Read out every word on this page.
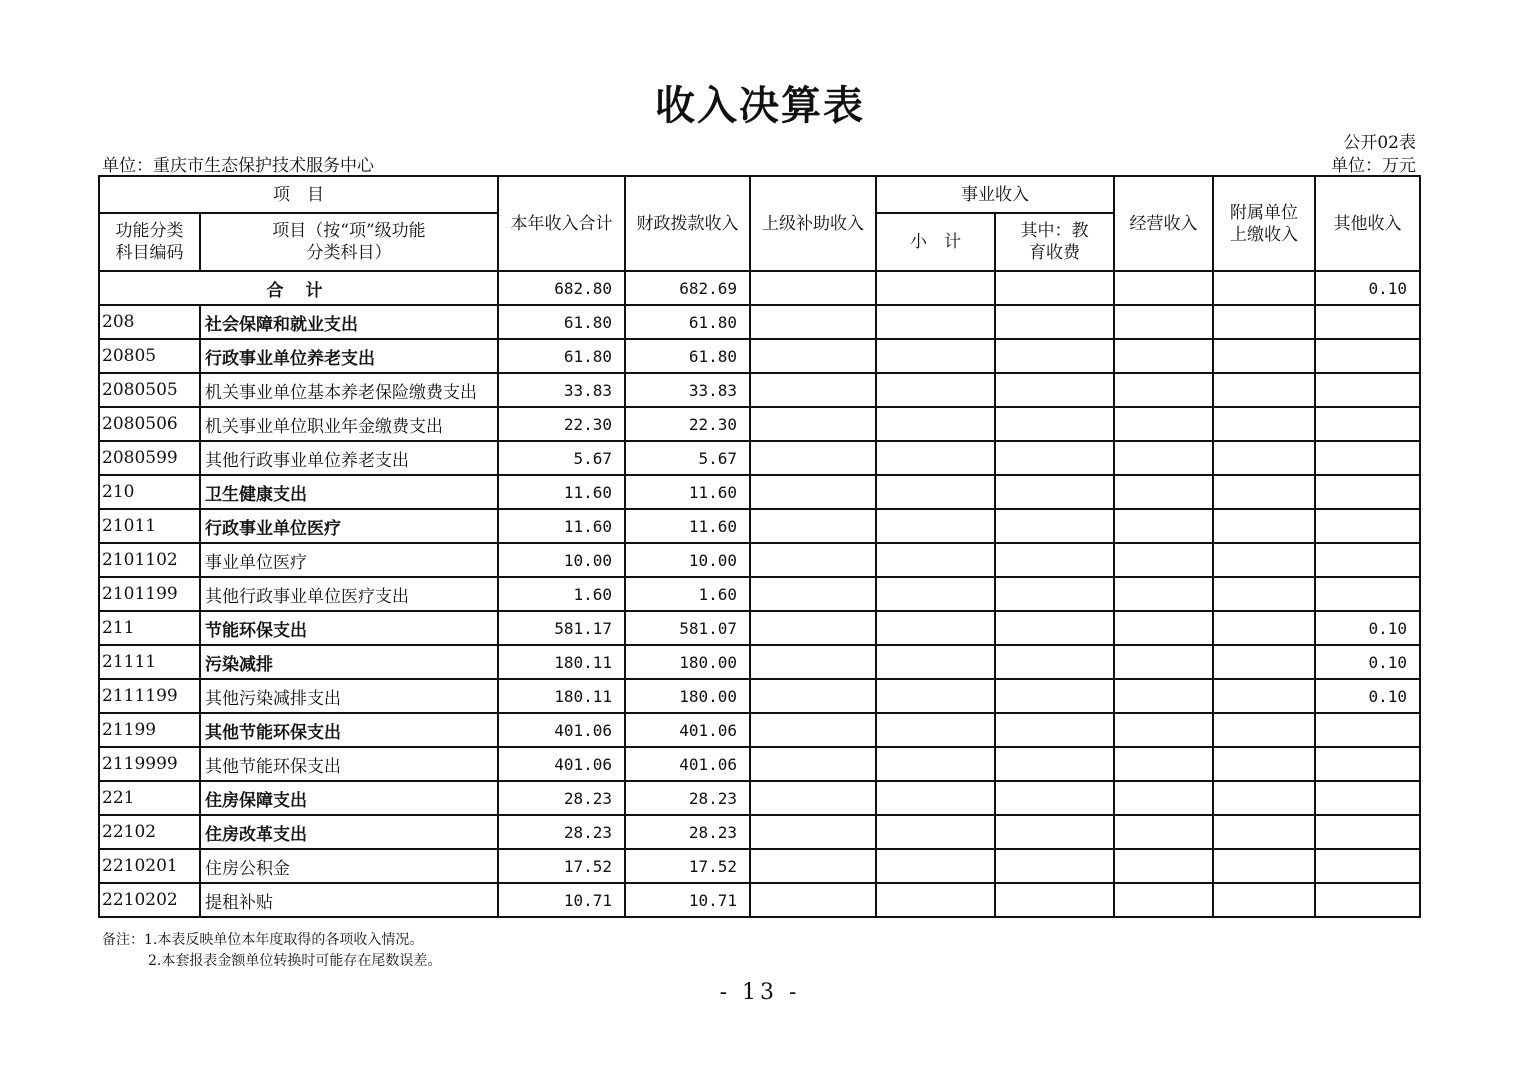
收入决算表
公开02表
单位：重庆市生态保护技术服务中心	单位：万元
项　目		本年收入合计	财政拨款收入	上级补助收入	事业收入		经营收入	附属单位上缴收入	其他收入
功能分类科目编码	项目（按“项”级功能分类科目）				小　计	其中：教育收费			
合 计		682.80	682.69						0.10
208	社会保障和就业支出	61.80	61.80						
20805	行政事业单位养老支出	61.80	61.80						
2080505	机关事业单位基本养老保险缴费支出	33.83	33.83						
2080506	机关事业单位职业年金缴费支出	22.30	22.30						
2080599	其他行政事业单位养老支出	5.67	5.67						
210	卫生健康支出	11.60	11.60						
21011	行政事业单位医疗	11.60	11.60						
2101102	事业单位医疗	10.00	10.00						
2101199	其他行政事业单位医疗支出	1.60	1.60						
211	节能环保支出	581.17	581.07						0.10
21111	污染减排	180.11	180.00						0.10
2111199	其他污染减排支出	180.11	180.00						0.10
21199	其他节能环保支出	401.06	401.06						
2119999	其他节能环保支出	401.06	401.06						
221	住房保障支出	28.23	28.23						
22102	住房改革支出	28.23	28.23						
2210201	住房公积金	17.52	17.52						
2210202	提租补贴	10.71	10.71						
备注：1.本表反映单位本年度取得的各项收入情况。
2.本套报表金额单位转换时可能存在尾数误差。
- 13 -
